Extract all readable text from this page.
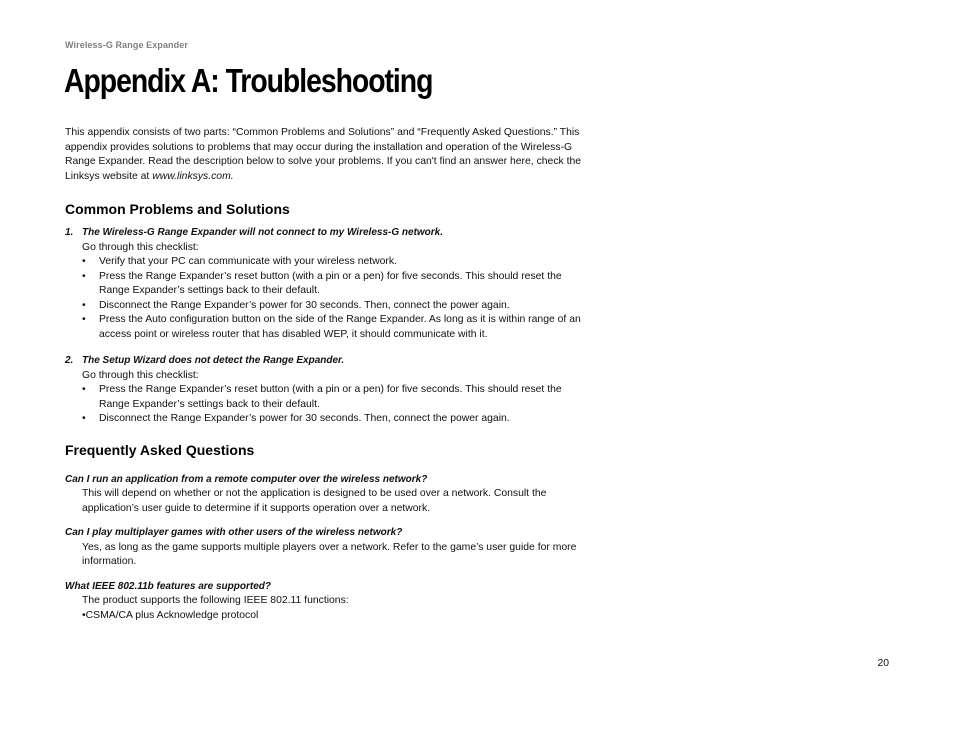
Wireless-G Range Expander
Appendix A: Troubleshooting

This appendix consists of two parts: “Common Problems and Solutions” and “Frequently Asked Questions.” This appendix provides solutions to problems that may occur during the installation and operation of the Wireless-G Range Expander. Read the description below to solve your problems. If you can't find an answer here, check the Linksys website at www.linksys.com.

Common Problems and Solutions

1. The Wireless-G Range Expander will not connect to my Wireless-G network.

Go through this checklist:

• Verify that your PC can communicate with your wireless network.
• Press the Range Expander’s reset button (with a pin or a pen) for five seconds. This should reset the Range Expander’s settings back to their default.
• Disconnect the Range Expander’s power for 30 seconds. Then, connect the power again.
• Press the Auto configuration button on the side of the Range Expander. As long as it is within range of an access point or wireless router that has disabled WEP, it should communicate with it.

2. The Setup Wizard does not detect the Range Expander.

Go through this checklist:

• Press the Range Expander’s reset button (with a pin or a pen) for five seconds. This should reset the Range Expander’s settings back to their default.
• Disconnect the Range Expander’s power for 30 seconds. Then, connect the power again.
Frequently Asked Questions

Can I run an application from a remote computer over the wireless network?

This will depend on whether or not the application is designed to be used over a network. Consult the application’s user guide to determine if it supports operation over a network.

Can I play multiplayer games with other users of the wireless network?

Yes, as long as the game supports multiple players over a network. Refer to the game’s user guide for more information.

What IEEE 802.11b features are supported?

The product supports the following IEEE 802.11 functions:

•CSMA/CA plus Acknowledge protocol

20
